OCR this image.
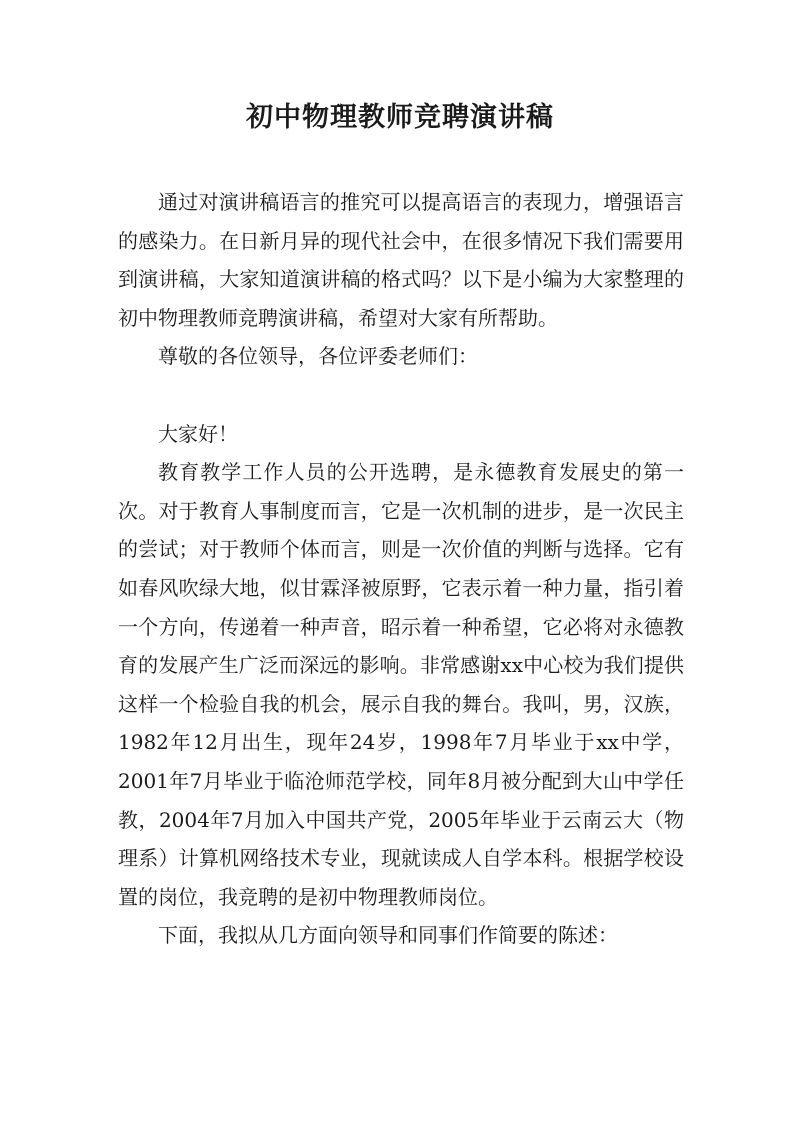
初中物理教师竞聘演讲稿

通过对演讲稿语言的推究可以提高语言的表现力，增强语言的感染力。在日新月异的现代社会中，在很多情况下我们需要用到演讲稿，大家知道演讲稿的格式吗？以下是小编为大家整理的初中物理教师竞聘演讲稿，希望对大家有所帮助。

尊敬的各位领导，各位评委老师们：

大家好！

教育教学工作人员的公开选聘，是永德教育发展史的第一次。对于教育人事制度而言，它是一次机制的进步，是一次民主的尝试；对于教师个体而言，则是一次价值的判断与选择。它有如春风吹绿大地，似甘霖泽被原野，它表示着一种力量，指引着一个方向，传递着一种声音，昭示着一种希望，它必将对永德教育的发展产生广泛而深远的影响。非常感谢xx中心校为我们提供这样一个检验自我的机会，展示自我的舞台。我叫，男，汉族，1982年12月出生，现年24岁，1998年7月毕业于xx中学，2001年7月毕业于临沧师范学校，同年8月被分配到大山中学任教，2004年7月加入中国共产党，2005年毕业于云南云大（物理系）计算机网络技术专业，现就读成人自学本科。根据学校设置的岗位，我竞聘的是初中物理教师岗位。

下面，我拟从几方面向领导和同事们作简要的陈述：
